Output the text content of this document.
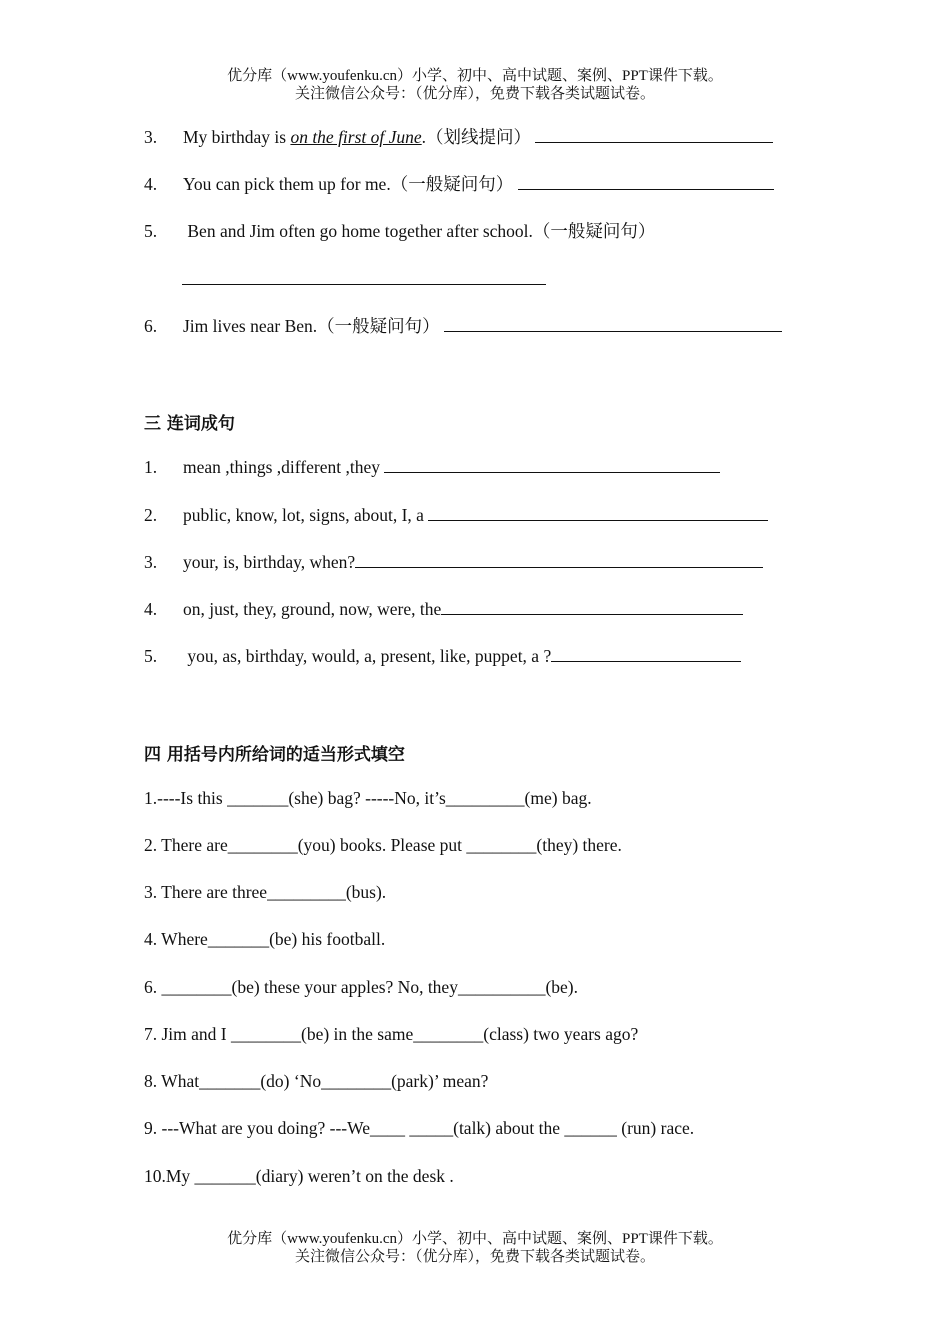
优分库（www.youfenku.cn）小学、初中、高中试题、案例、PPT课件下载。
关注微信公众号：（优分库），免费下载各类试题试卷。
3. My birthday is on the first of June.（划线提问）
4. You can pick them up for me.（一般疑问句）
5. Ben and Jim often go home together after school.（一般疑问句）
6. Jim lives near Ben.（一般疑问句）
三 连词成句
1. mean ,things ,different ,they
2. public, know, lot, signs, about, I, a
3. your, is, birthday, when?
4. on, just, they, ground, now, were, the
5. you, as, birthday, would, a, present, like, puppet, a ?
四 用括号内所给词的适当形式填空
1.----Is this _______(she) bag? -----No, it’s_________(me) bag.
2. There are________(you) books. Please put ________(they) there.
3. There are three_________(bus).
4. Where_______(be) his football.
6. ________(be) these your apples? No, they__________(be).
7. Jim and I ________(be) in the same________(class) two years ago?
8. What_______(do) ‘No________(park)’ mean?
9. ---What are you doing? ---We____ _____(talk) about the ______ (run) race.
10.My _______(diary) weren’t on the desk .
优分库（www.youfenku.cn）小学、初中、高中试题、案例、PPT课件下载。
关注微信公众号：（优分库），免费下载各类试题试卷。
